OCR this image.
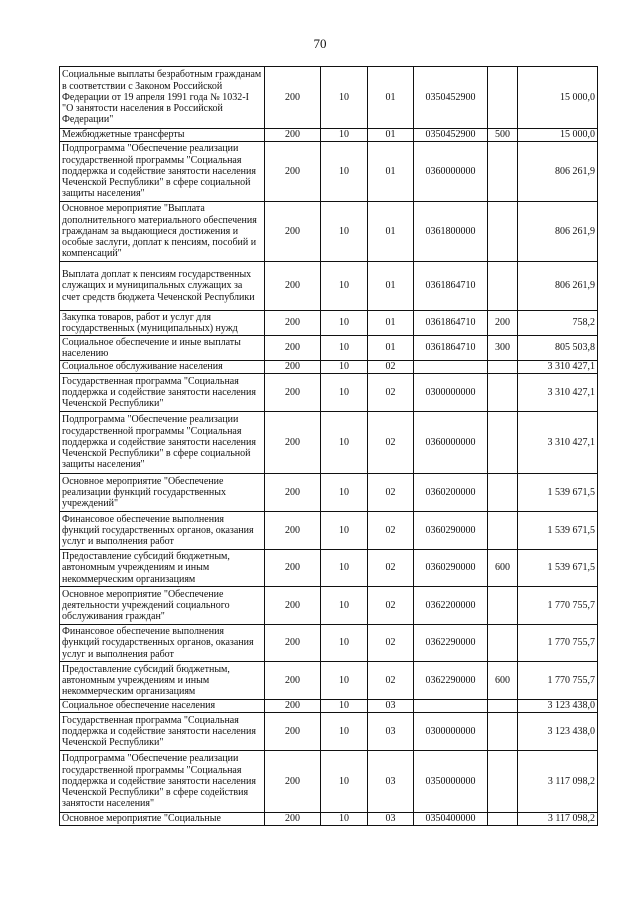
70
Социальные выплаты безработным гражданам в соответствии с Законом Российской Федерации от 19 апреля 1991 года № 1032-I "О занятости населения в Российской Федерации"	200	10	01	0350452900		15 000,0
Межбюджетные трансферты	200	10	01	0350452900	500	15 000,0
Подпрограмма "Обеспечение реализации государственной программы "Социальная поддержка и содействие занятости населения Чеченской Республики" в сфере социальной защиты населения"	200	10	01	0360000000		806 261,9
Основное мероприятие "Выплата дополнительного материального обеспечения гражданам за выдающиеся достижения и особые заслуги, доплат к пенсиям, пособий и компенсаций"	200	10	01	0361800000		806 261,9
Выплата доплат к пенсиям государственных служащих и муниципальных служащих за счет средств бюджета Чеченской Республики	200	10	01	0361864710		806 261,9
Закупка товаров, работ и услуг для государственных (муниципальных) нужд	200	10	01	0361864710	200	758,2
Социальное обеспечение и иные выплаты населению	200	10	01	0361864710	300	805 503,8
Социальное обслуживание населения	200	10	02			3 310 427,1
Государственная программа "Социальная поддержка и содействие занятости населения Чеченской Республики"	200	10	02	0300000000		3 310 427,1
Подпрограмма "Обеспечение реализации государственной программы "Социальная поддержка и содействие занятости населения Чеченской Республики" в сфере социальной защиты населения"	200	10	02	0360000000		3 310 427,1
Основное мероприятие "Обеспечение реализации функций государственных учреждений"	200	10	02	0360200000		1 539 671,5
Финансовое обеспечение выполнения функций государственных органов, оказания услуг и выполнения работ	200	10	02	0360290000		1 539 671,5
Предоставление субсидий бюджетным, автономным учреждениям и иным некоммерческим организациям	200	10	02	0360290000	600	1 539 671,5
Основное мероприятие "Обеспечение деятельности учреждений социального обслуживания граждан"	200	10	02	0362200000		1 770 755,7
Финансовое обеспечение выполнения функций государственных органов, оказания услуг и выполнения работ	200	10	02	0362290000		1 770 755,7
Предоставление субсидий бюджетным, автономным учреждениям и иным некоммерческим организациям	200	10	02	0362290000	600	1 770 755,7
Социальное обеспечение населения	200	10	03			3 123 438,0
Государственная программа "Социальная поддержка и содействие занятости населения Чеченской Республики"	200	10	03	0300000000		3 123 438,0
Подпрограмма "Обеспечение реализации государственной программы "Социальная поддержка и содействие занятости населения Чеченской Республики" в сфере содействия занятости населения"	200	10	03	0350000000		3 117 098,2
Основное мероприятие "Социальные	200	10	03	0350400000		3 117 098,2
